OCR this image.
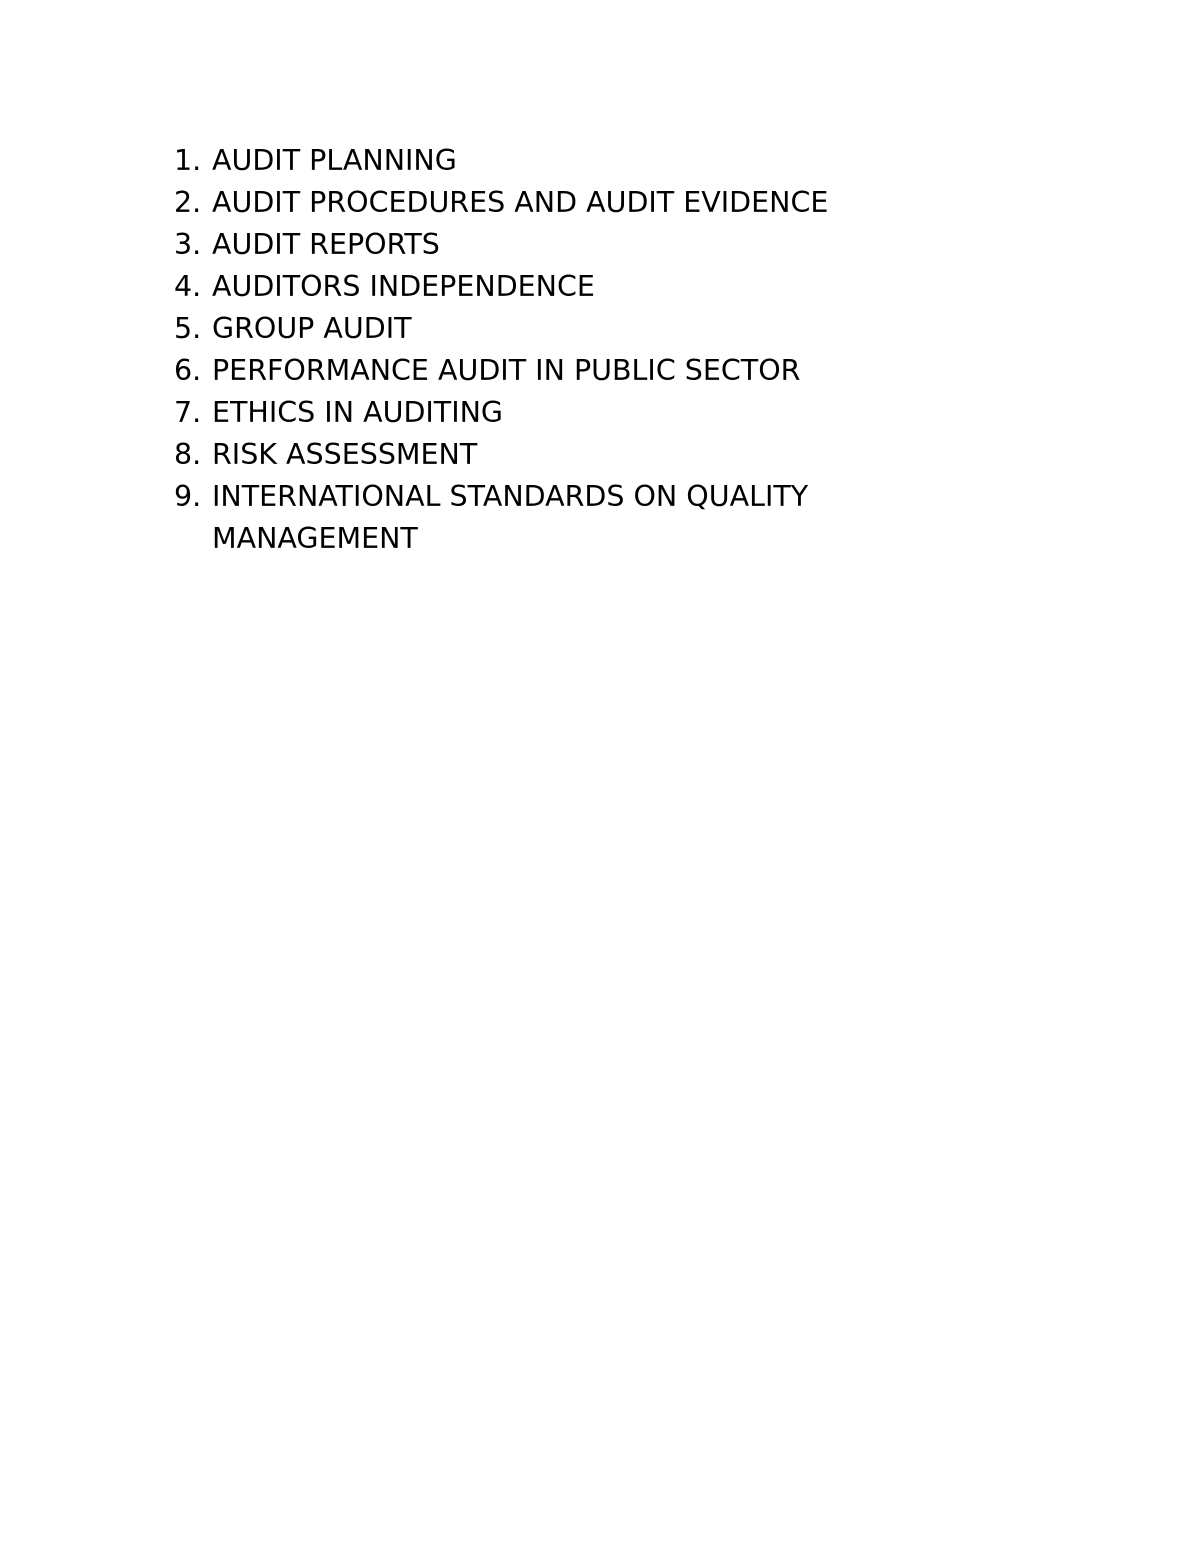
1. AUDIT PLANNING
2. AUDIT PROCEDURES AND AUDIT EVIDENCE
3. AUDIT REPORTS
4. AUDITORS INDEPENDENCE
5. GROUP AUDIT
6. PERFORMANCE AUDIT IN PUBLIC SECTOR
7. ETHICS IN AUDITING
8. RISK ASSESSMENT
9. INTERNATIONAL STANDARDS ON QUALITY MANAGEMENT
